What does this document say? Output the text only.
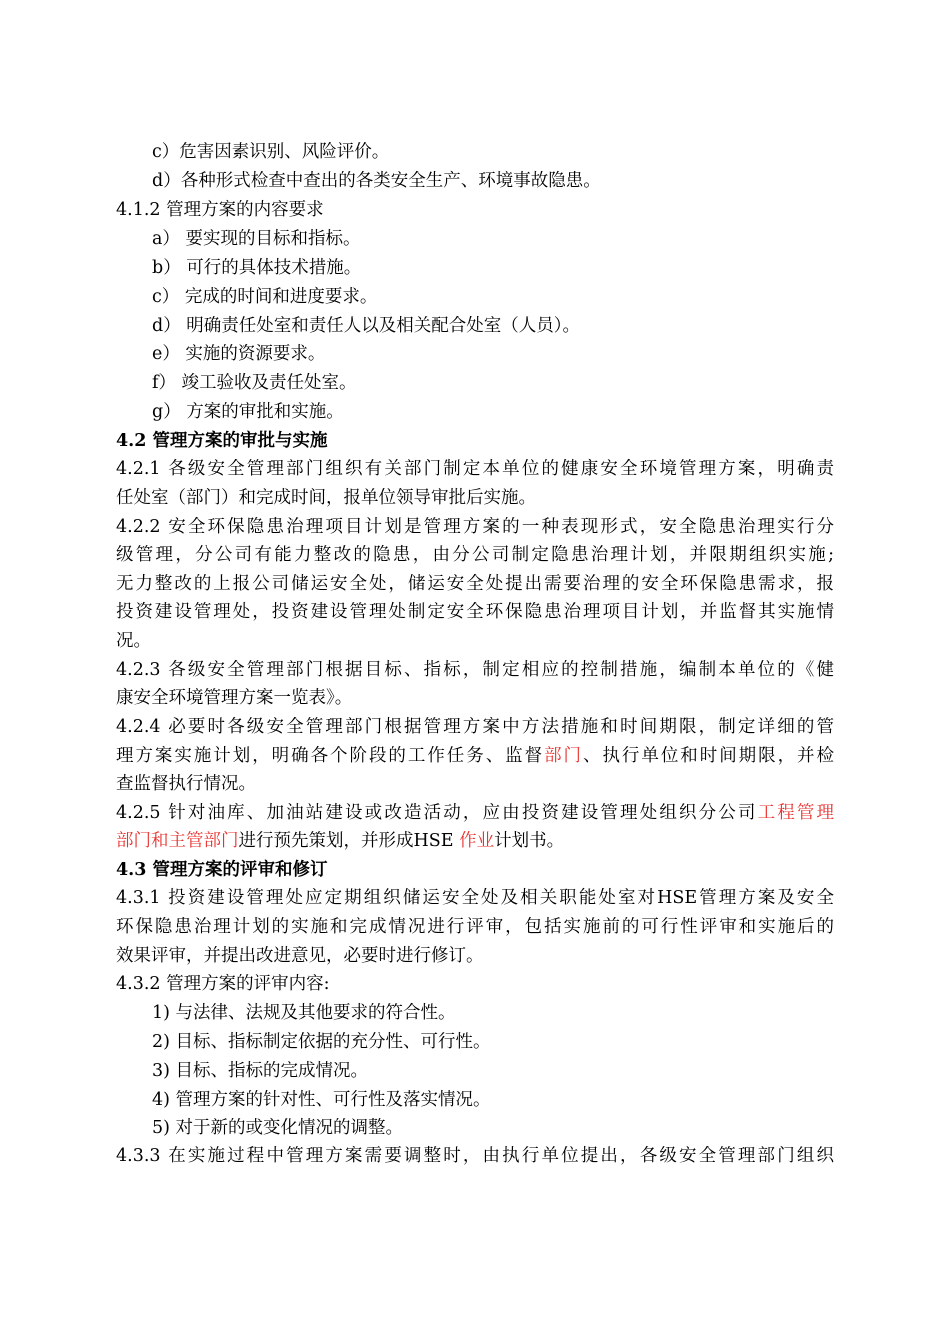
c）危害因素识别、风险评价。
d）各种形式检查中查出的各类安全生产、环境事故隐患。
4.1.2 管理方案的内容要求
a） 要实现的目标和指标。
b） 可行的具体技术措施。
c） 完成的时间和进度要求。
d） 明确责任处室和责任人以及相关配合处室（人员）。
e） 实施的资源要求。
f） 竣工验收及责任处室。
g） 方案的审批和实施。
4.2 管理方案的审批与实施
4.2.1 各级安全管理部门组织有关部门制定本单位的健康安全环境管理方案，明确责
任处室（部门）和完成时间，报单位领导审批后实施。
4.2.2 安全环保隐患治理项目计划是管理方案的一种表现形式，安全隐患治理实行分
级管理，分公司有能力整改的隐患，由分公司制定隐患治理计划，并限期组织实施;
无力整改的上报公司储运安全处，储运安全处提出需要治理的安全环保隐患需求，报
投资建设管理处，投资建设管理处制定安全环保隐患治理项目计划，并监督其实施情
况。
4.2.3 各级安全管理部门根据目标、指标，制定相应的控制措施，编制本单位的《健
康安全环境管理方案一览表》。
4.2.4 必要时各级安全管理部门根据管理方案中方法措施和时间期限，制定详细的管
理方案实施计划，明确各个阶段的工作任务、监督部门、执行单位和时间期限，并检
查监督执行情况。
4.2.5 针对油库、加油站建设或改造活动，应由投资建设管理处组织分公司工程管理
部门和主管部门进行预先策划，并形成HSE 作业计划书。
4.3 管理方案的评审和修订
4.3.1 投资建设管理处应定期组织储运安全处及相关职能处室对HSE管理方案及安全
环保隐患治理计划的实施和完成情况进行评审，包括实施前的可行性评审和实施后的
效果评审，并提出改进意见，必要时进行修订。
4.3.2 管理方案的评审内容:
1) 与法律、法规及其他要求的符合性。
2) 目标、指标制定依据的充分性、可行性。
3) 目标、指标的完成情况。
4) 管理方案的针对性、可行性及落实情况。
5) 对于新的或变化情况的调整。
4.3.3 在实施过程中管理方案需要调整时，由执行单位提出，各级安全管理部门组织
